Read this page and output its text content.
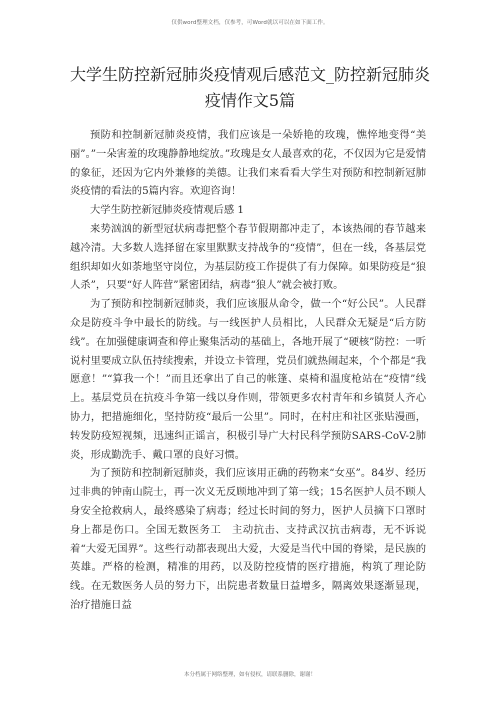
仅供word整理文档，仅参考，可Word就以可以在如下面工作。
大学生防控新冠肺炎疫情观后感范文_防控新冠肺炎疫情作文5篇

预防和控制新冠肺炎疫情，我们应该是一朵娇艳的玫瑰，憔悴地变得“美丽”。”一朵害羞的玫瑰静静地绽放。”玫瑰是女人最喜欢的花，不仅因为它是爱情的象征，还因为它内外兼修的美德。让我们来看看大学生对预防和控制新冠肺炎疫情的看法的5篇内容。欢迎咨询！

大学生防控新冠肺炎疫情观后感 1

来势汹汹的新型冠状病毒把整个春节假期都冲走了，本该热闹的春节越来越冷清。大多数人选择留在家里默默支持战争的“疫情”，但在一线，各基层党组织却如火如荼地坚守岗位，为基层防疫工作提供了有力保障。如果防疫是“狼人杀”，只要“好人阵营”紧密团结，病毒“狼人”就会被打败。

为了预防和控制新冠肺炎，我们应该服从命令，做一个“好公民”。人民群众是防疫斗争中最长的防线。与一线医护人员相比，人民群众无疑是“后方防线”。在加强健康调查和停止聚集活动的基础上，各地开展了“硬核”防控：一听说村里要成立队伍持续搜索，并设立卡管理，党员们就热闹起来，个个都是“我愿意！”“算我一个！”而且还拿出了自己的帐篷、桌椅和温度枪站在“疫情”线上。基层党员在抗疫斗争第一线以身作则，带领更多农村青年和乡镇贤人齐心协力，把措施细化，坚持防疫“最后一公里”。同时，在村庄和社区张贴漫画，转发防疫短视频，迅速纠正谣言，积极引导广大村民科学预防SARS-CoV-2肺炎，形成勤洗手、戴口罩的良好习惯。

为了预防和控制新冠肺炎，我们应该用正确的药物来“女巫”。84岁、经历过非典的钟南山院士，再一次义无反顾地冲到了第一线；15名医护人员不顾人身安全抢救病人，最终感染了病毒；经过长时间的努力，医护人员摘下口罩时身上都是伤口。全国无数医务工　主动抗击、支持武汉抗击病毒，无不诉说着“大爱无国界”。这些行动都表现出大爱，大爱是当代中国的脊梁，是民族的英雄。严格的检测，精准的用药，以及防控疫情的医疗措施，构筑了理论防线。在无数医务人员的努力下，出院患者数量日益增多，隔离效果逐渐显现，治疗措施日益

本分档属于网络整理，如有侵权，请联系删除，谢谢！
